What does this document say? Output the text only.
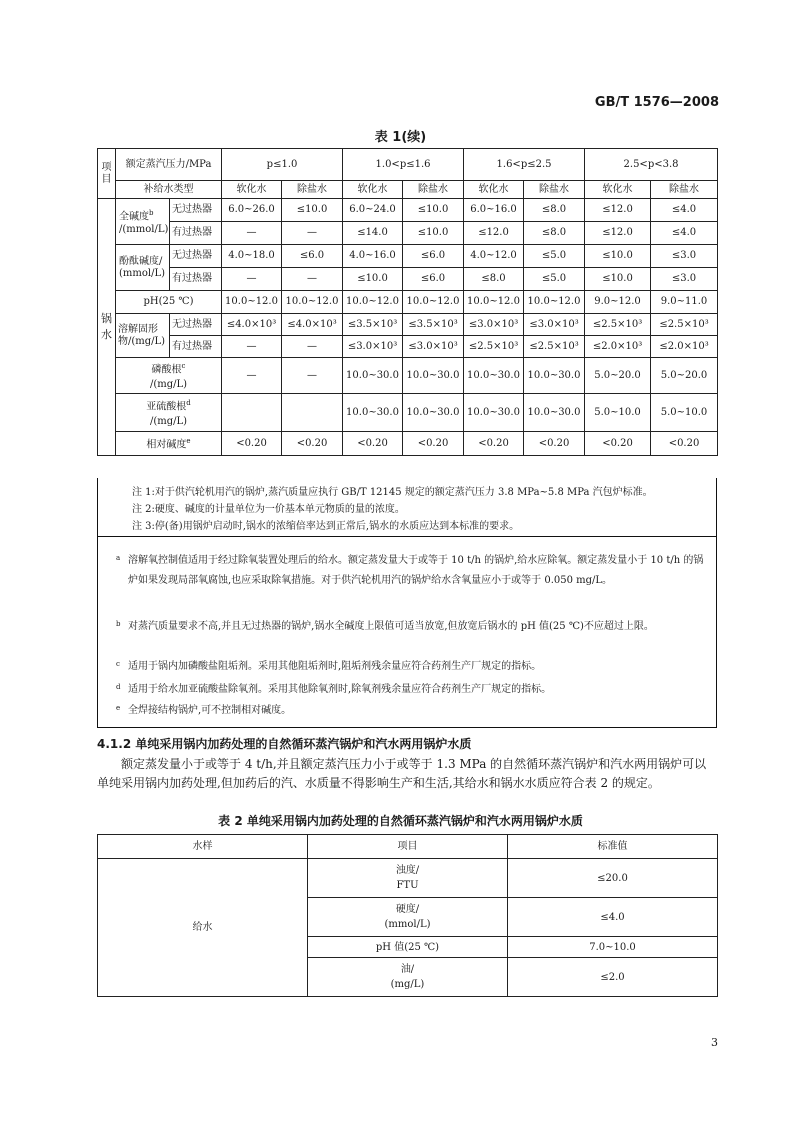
GB/T 1576—2008
表 1(续)
项目	额定蒸汽压力/MPa		p≤1.0		1.0<p≤1.6		1.6<p≤2.5		2.5<p<3.8	
	补给水类型		软化水	除盐水	软化水	除盐水	软化水	除盐水	软化水	除盐水
锅水	全碱度$^b$
/(mmol/L)	无过热器	6.0~26.0	≤10.0	6.0~24.0	≤10.0	6.0~16.0	≤8.0	≤12.0	≤4.0
		有过热器	—	—	≤14.0	≤10.0	≤12.0	≤8.0	≤12.0	≤4.0

	酚酞碱度/
(mmol/L)	无过热器	4.0~18.0	≤6.0	4.0~16.0	≤6.0	4.0~12.0	≤5.0	≤10.0	≤3.0
		有过热器	—	—	≤10.0	≤6.0	≤8.0	≤5.0	≤10.0	≤3.0
	pH(25 ℃)		10.0~12.0	10.0~12.0	10.0~12.0	10.0~12.0	10.0~12.0	10.0~12.0	9.0~12.0	9.0~11.0
	溶解固形物/(mg/L)	无过热器	≤4.0×10³	≤4.0×10³	≤3.5×10³	≤3.5×10³	≤3.0×10³	≤3.0×10³	≤2.5×10³	≤2.5×10³
		有过热器	—	—	≤3.0×10³	≤3.0×10³	≤2.5×10³	≤2.5×10³	≤2.0×10³	≤2.0×10³

	磷酸根$^c$
/(mg/L)		—	—	10.0~30.0	10.0~30.0	10.0~30.0	10.0~30.0	5.0~20.0	5.0~20.0

	亚硫酸根$^d$
/(mg/L)				10.0~30.0	10.0~30.0	10.0~30.0	10.0~30.0	5.0~10.0	5.0~10.0
	相对碱度$^e$		<0.20	<0.20	<0.20	<0.20	<0.20	<0.20	<0.20	<0.20

注 1:对于供汽轮机用汽的锅炉,蒸汽质量应执行 GB/T 12145 规定的额定蒸汽压力 3.8 MPa~5.8 MPa 汽包炉标准。

注 2:硬度、碱度的计量单位为一价基本单元物质的量的浓度。

注 3:停(备)用锅炉启动时,锅水的浓缩倍率达到正常后,锅水的水质应达到本标准的要求。

a 溶解氧控制值适用于经过除氧装置处理后的给水。额定蒸发量大于或等于 10 t/h 的锅炉,给水应除氧。额定蒸发量小于 10 t/h 的锅炉如果发现局部氧腐蚀,也应采取除氧措施。对于供汽轮机用汽的锅炉给水含氧量应小于或等于 0.050 mg/L。
b 对蒸汽质量要求不高,并且无过热器的锅炉,锅水全碱度上限值可适当放宽,但放宽后锅水的 pH 值(25 ℃)不应超过上限。
c 适用于锅内加磷酸盐阻垢剂。采用其他阻垢剂时,阻垢剂残余量应符合药剂生产厂规定的指标。
d 适用于给水加亚硫酸盐除氧剂。采用其他除氧剂时,除氧剂残余量应符合药剂生产厂规定的指标。
e 全焊接结构锅炉,可不控制相对碱度。
4.1.2 单纯采用锅内加药处理的自然循环蒸汽锅炉和汽水两用锅炉水质
额定蒸发量小于或等于 4 t/h,并且额定蒸汽压力小于或等于 1.3 MPa 的自然循环蒸汽锅炉和汽水两用锅炉可以单纯采用锅内加药处理,但加药后的汽、水质量不得影响生产和生活,其给水和锅水水质应符合表 2 的规定。
表 2 单纯采用锅内加药处理的自然循环蒸汽锅炉和汽水两用锅炉水质
水样	项目	标准值
给水	浊度/
FTU	≤20.0

	硬度/
(mmol/L)	≤4.0
	pH 值(25 ℃)	7.0~10.0

	油/
(mg/L)	≤2.0
3
